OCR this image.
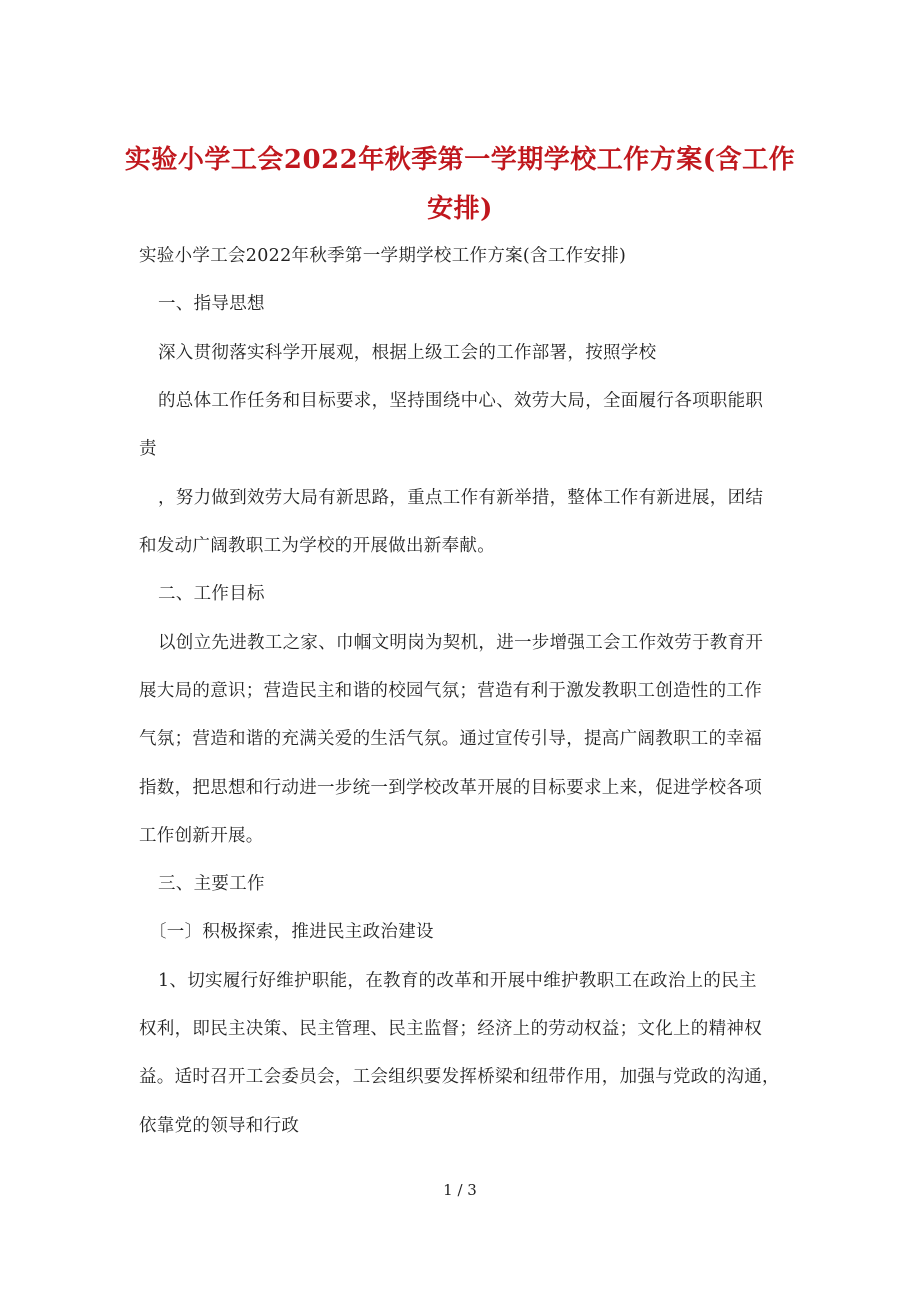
实验小学工会2022年秋季第一学期学校工作方案(含工作
安排)
实验小学工会2022年秋季第一学期学校工作方案(含工作安排)
一、指导思想
深入贯彻落实科学开展观，根据上级工会的工作部署，按照学校
的总体工作任务和目标要求，坚持围绕中心、效劳大局，全面履行各项职能职
责
，努力做到效劳大局有新思路，重点工作有新举措，整体工作有新进展，团结
和发动广阔教职工为学校的开展做出新奉献。
二、工作目标
以创立先进教工之家、巾帼文明岗为契机，进一步增强工会工作效劳于教育开
展大局的意识；营造民主和谐的校园气氛；营造有利于激发教职工创造性的工作
气氛；营造和谐的充满关爱的生活气氛。通过宣传引导，提高广阔教职工的幸福
指数，把思想和行动进一步统一到学校改革开展的目标要求上来，促进学校各项
工作创新开展。
三、主要工作
〔一〕积极探索，推进民主政治建设
1、切实履行好维护职能，在教育的改革和开展中维护教职工在政治上的民主
权利，即民主决策、民主管理、民主监督；经济上的劳动权益；文化上的精神权
益。适时召开工会委员会，工会组织要发挥桥梁和纽带作用，加强与党政的沟通，
依靠党的领导和行政
1 / 3
